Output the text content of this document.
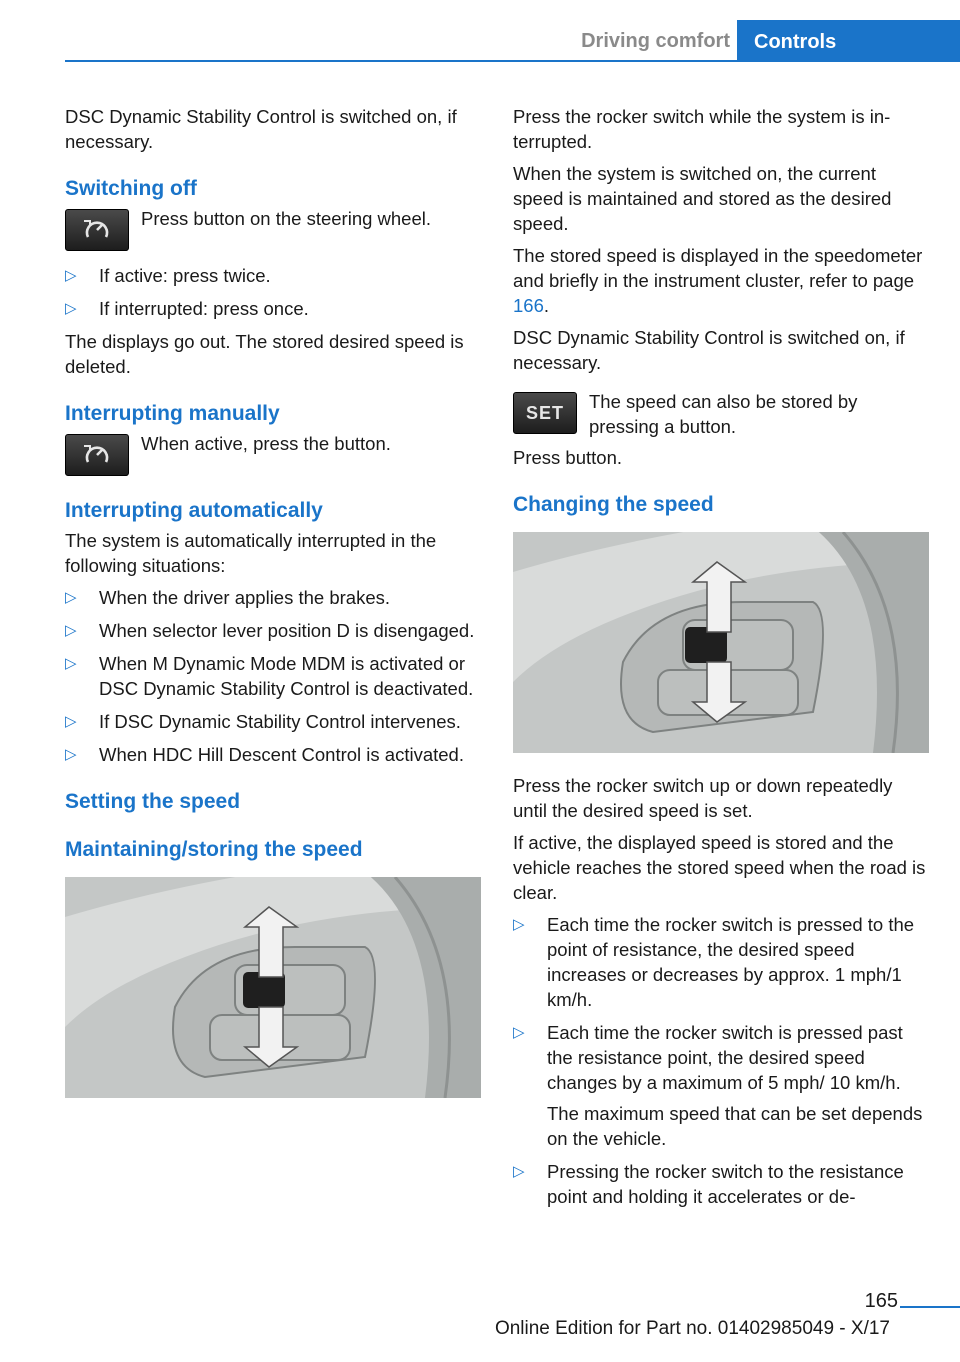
Driving comfort	Controls

DSC Dynamic Stability Control is switched on, if necessary.

Switching off
Press button on the steering wheel.
▷ If active: press twice.
▷ If interrupted: press once.

The displays go out. The stored desired speed is deleted.

Interrupting manually
When active, press the button.
Interrupting automatically

The system is automatically interrupted in the following situations:

▷ When the driver applies the brakes.
▷ When selector lever position D is disengaged.
▷ When M Dynamic Mode MDM is activated or DSC Dynamic Stability Control is deactivated.
▷ If DSC Dynamic Stability Control intervenes.
▷ When HDC Hill Descent Control is activated.
Setting the speed
Maintaining/storing the speed

Press the rocker switch while the system is interrupted.

When the system is switched on, the current speed is maintained and stored as the desired speed.

The stored speed is displayed in the speedometer and briefly in the instrument cluster, refer to page 166.

DSC Dynamic Stability Control is switched on, if necessary.

SET
The speed can also be stored by pressing a button.

Press button.

Changing the speed

Press the rocker switch up or down repeatedly until the desired speed is set.

If active, the displayed speed is stored and the vehicle reaches the stored speed when the road is clear.

▷ Each time the rocker switch is pressed to the point of resistance, the desired speed increases or decreases by approx. 1 mph/1 km/h.
▷ Each time the rocker switch is pressed past the resistance point, the desired speed changes by a maximum of 5 mph/ 10 km/h.

The maximum speed that can be set depends on the vehicle.

▷ Pressing the rocker switch to the resistance point and holding it accelerates or de-
165
Online Edition for Part no. 01402985049 - X/17
